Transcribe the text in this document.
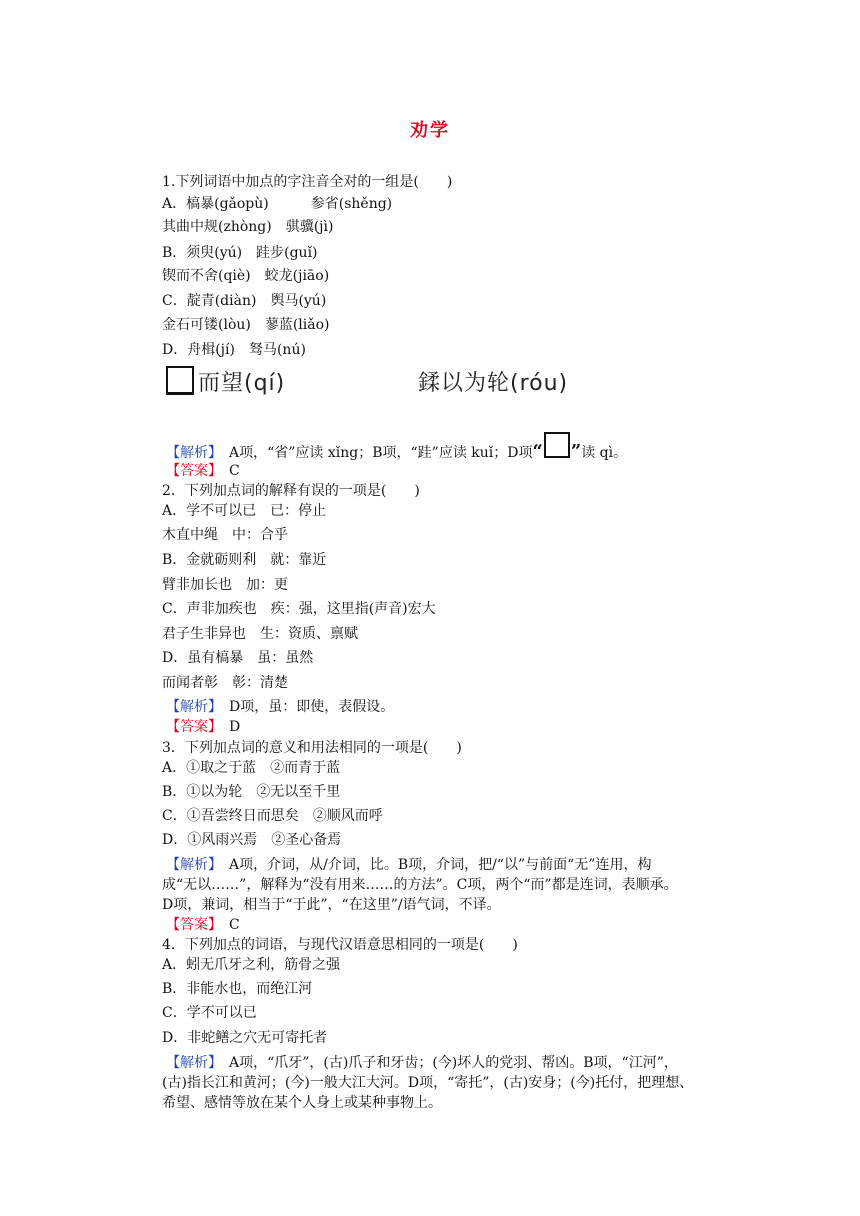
劝学
1.下列词语中加点的字注音全对的一组是(　　)
A．槁暴(gǎopù)　　　参省(shěng)
其曲中规(zhòng)　骐骥(jì)
B．须臾(yú)　跬步(guǐ)
锲而不舍(qiè)　蛟龙(jiāo)
C．靛青(diàn)　舆马(yú)
金石可镂(lòu)　蓼蓝(liǎo)
D．舟楫(jí)　驽马(nú)
而望(qí)	鍒以为轮(róu)
【解析】　A项，“省”应读 xǐng；B项，“跬”应读 kuǐ；D项“ ”读 qì。
【答案】　C
2．下列加点词的解释有误的一项是(　　)
A．学不可以已　已：停止
木直中绳　中：合乎
B．金就砺则利　就：靠近
臂非加长也　加：更
C．声非加疾也　疾：强，这里指(声音)宏大
君子生非异也　生：资质、禀赋
D．虽有槁暴　虽：虽然
而闻者彰　彰：清楚
【解析】　D项，虽：即使，表假设。
【答案】　D
3．下列加点词的意义和用法相同的一项是(　　)
A．①取之于蓝　②而青于蓝
B．①以为轮　②无以至千里
C．①吾尝终日而思矣　②顺风而呼
D．①风雨兴焉　②圣心备焉
【解析】　A项，介词，从/介词，比。B项，介词，把/“以”与前面“无”连用，构
成“无以……”，解释为“没有用来……的方法”。C项，两个“而”都是连词，表顺承。
D项，兼词，相当于“于此”，“在这里”/语气词，不译。
【答案】　C
4．下列加点的词语，与现代汉语意思相同的一项是(　　)
A．蚓无爪牙之利，筋骨之强
B．非能水也，而绝江河
C．学不可以已
D．非蛇鳝之穴无可寄托者
【解析】　A项，“爪牙”，(古)爪子和牙齿；(今)坏人的党羽、帮凶。B项，“江河”，
(古)指长江和黄河；(今)一般大江大河。D项，“寄托”，(古)安身；(今)托付，把理想、
希望、感情等放在某个人身上或某种事物上。
